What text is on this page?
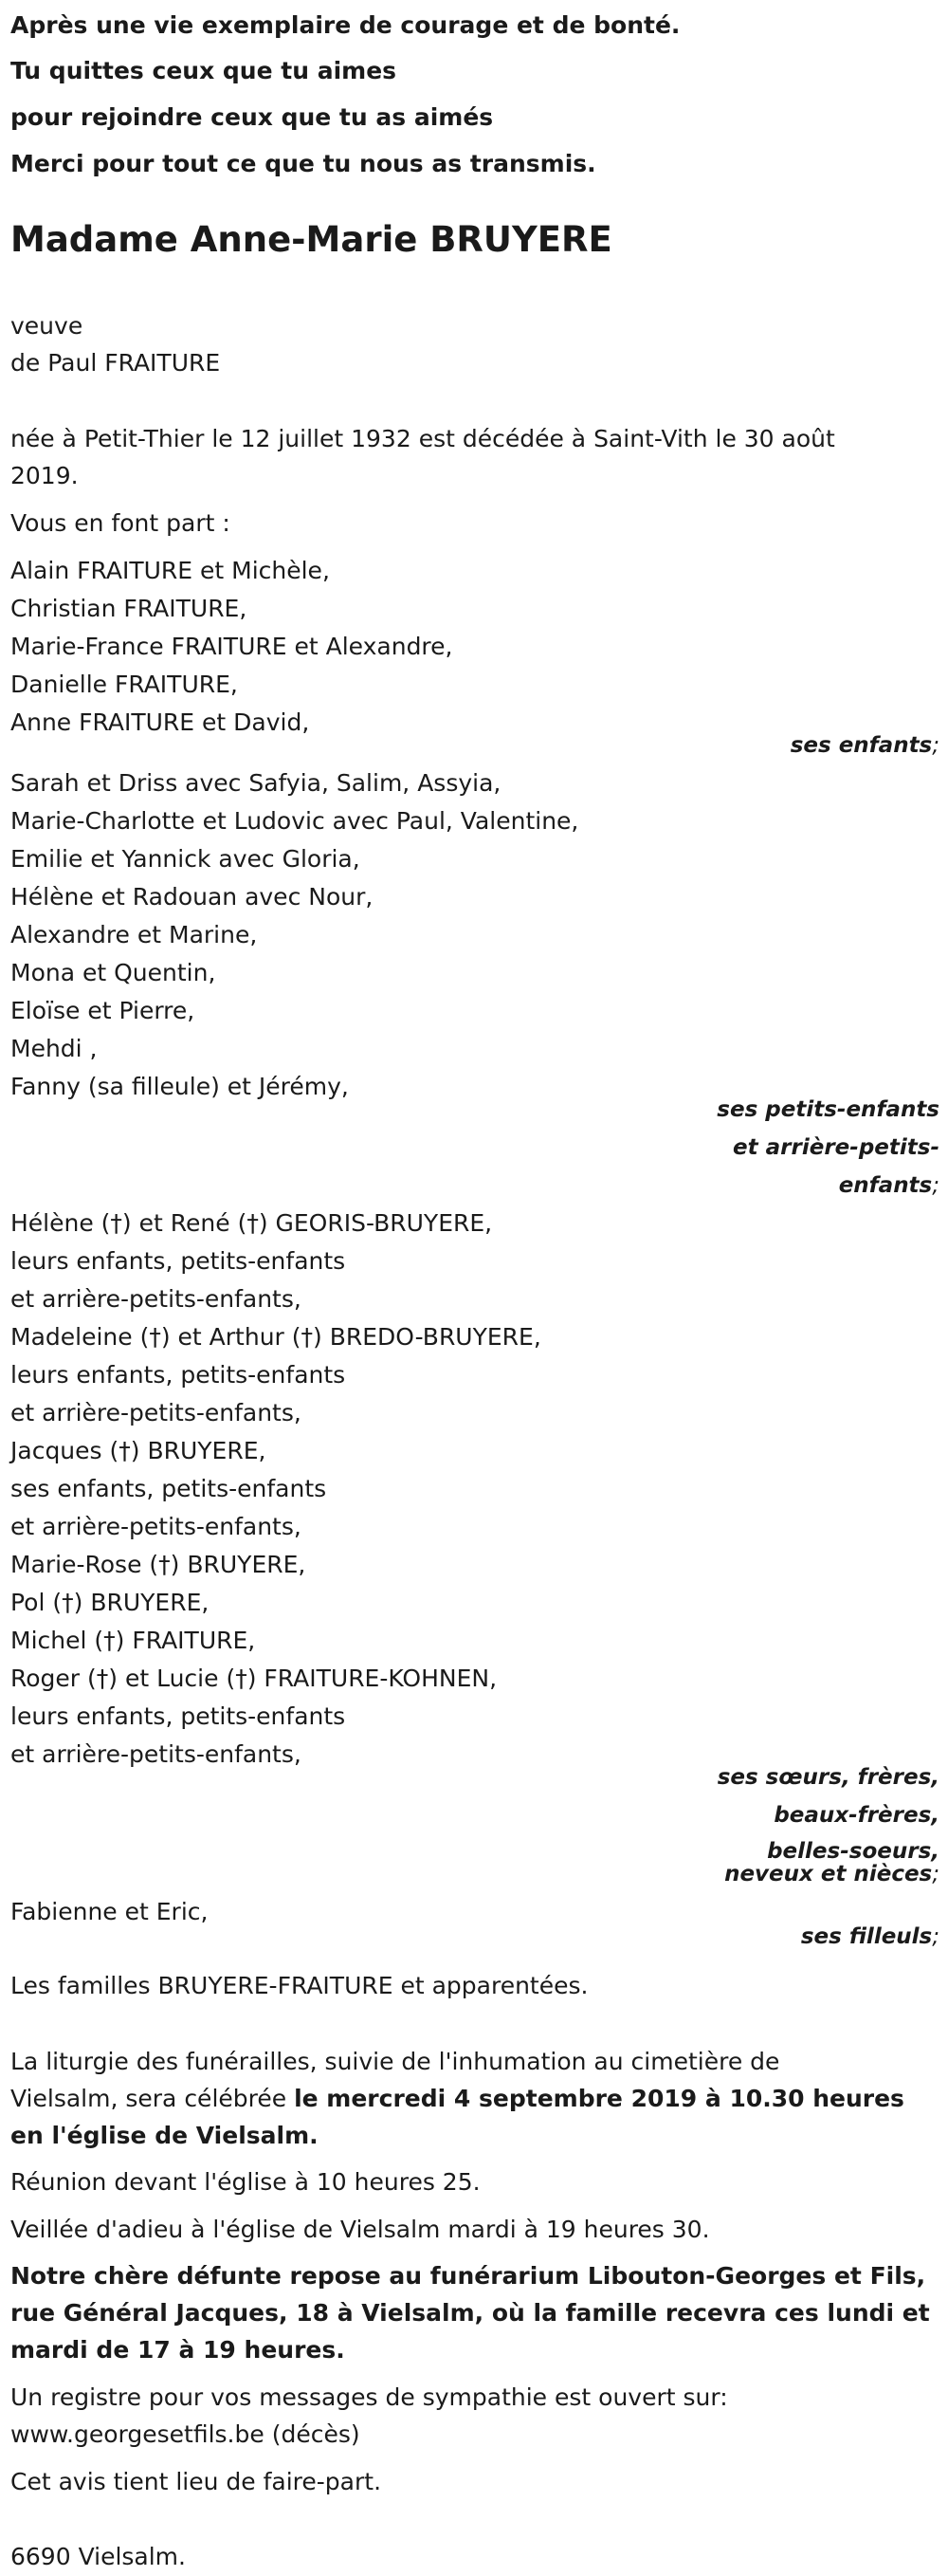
Après une vie exemplaire de courage et de bonté.
Tu quittes ceux que tu aimes
pour rejoindre ceux que tu as aimés
Merci pour tout ce que tu nous as transmis.
Madame Anne-Marie BRUYERE
veuve
de Paul FRAITURE
née à Petit-Thier le 12 juillet 1932 est décédée à Saint-Vith le 30 août
2019.
Vous en font part :
Alain FRAITURE et Michèle,
Christian FRAITURE,
Marie-France FRAITURE et Alexandre,
Danielle FRAITURE,
Anne FRAITURE et David,
ses enfants;
Sarah et Driss avec Safyia, Salim, Assyia,
Marie-Charlotte et Ludovic avec Paul, Valentine,
Emilie et Yannick avec Gloria,
Hélène et Radouan avec Nour,
Alexandre et Marine,
Mona et Quentin,
Eloïse et Pierre,
Mehdi ,
Fanny (sa filleule) et Jérémy,
ses petits-enfants
et arrière-petits-
enfants;
Hélène (†) et René (†) GEORIS-BRUYERE,
leurs enfants, petits-enfants
et arrière-petits-enfants,
Madeleine (†) et Arthur (†) BREDO-BRUYERE,
leurs enfants, petits-enfants
et arrière-petits-enfants,
Jacques (†) BRUYERE,
ses enfants, petits-enfants
et arrière-petits-enfants,
Marie-Rose (†) BRUYERE,
Pol (†) BRUYERE,
Michel (†) FRAITURE,
Roger (†) et Lucie (†) FRAITURE-KOHNEN,
leurs enfants, petits-enfants
et arrière-petits-enfants,
ses sœurs, frères,
beaux-frères,
belles-soeurs,
neveux et nièces;
Fabienne et Eric,
ses filleuls;
Les familles BRUYERE-FRAITURE et apparentées.
La liturgie des funérailles, suivie de l'inhumation au cimetière de
Vielsalm, sera célébrée le mercredi 4 septembre 2019 à 10.30 heures
en l'église de Vielsalm.
Réunion devant l'église à 10 heures 25.
Veillée d'adieu à l'église de Vielsalm mardi à 19 heures 30.
Notre chère défunte repose au funérarium Libouton-Georges et Fils,
rue Général Jacques, 18 à Vielsalm, où la famille recevra ces lundi et
mardi de 17 à 19 heures.
Un registre pour vos messages de sympathie est ouvert sur:
www.georgesetfils.be (décès)
Cet avis tient lieu de faire-part.
6690 Vielsalm.
